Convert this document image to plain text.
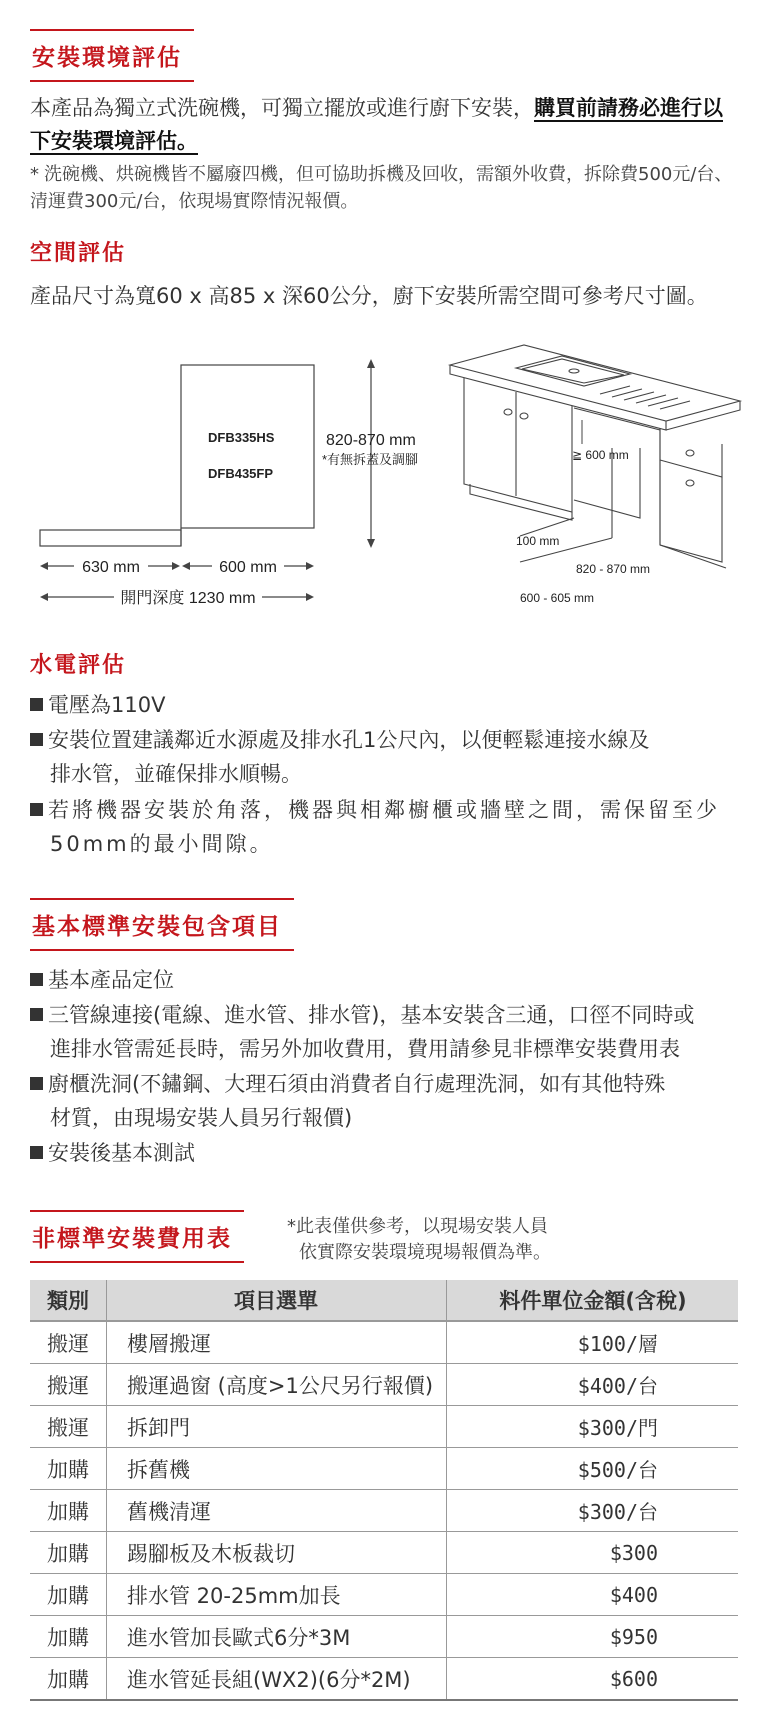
安裝環境評估
本產品為獨立式洗碗機，可獨立擺放或進行廚下安裝，購買前請務必進行以下安裝環境評估。
* 洗碗機、烘碗機皆不屬廢四機，但可協助拆機及回收，需額外收費，拆除費500元/台、清運費300元/台，依現場實際情況報價。
空間評估
產品尺寸為寬60 x 高85 x 深60公分，廚下安裝所需空間可參考尺寸圖。
DFB335HS
DFB435FP
820-870 mm
*有無拆蓋及調腳
630 mm	600 mm
開門深度 1230 mm
≧ 600 mm
100 mm
820 - 870 mm
600 - 605 mm
水電評估
電壓為110V
安裝位置建議鄰近水源處及排水孔1公尺內，以便輕鬆連接水線及
排水管，並確保排水順暢。
若將機器安裝於角落，機器與相鄰櫥櫃或牆壁之間，需保留至少
50mm的最小間隙。
基本標準安裝包含項目
基本產品定位
三管線連接(電線、進水管、排水管)，基本安裝含三通，口徑不同時或
進排水管需延長時，需另外加收費用，費用請參見非標準安裝費用表
廚櫃洗洞(不鏽鋼、大理石須由消費者自行處理洗洞，如有其他特殊
材質，由現場安裝人員另行報價)
安裝後基本測試
非標準安裝費用表	*此表僅供參考，以現場安裝人員
依實際安裝環境現場報價為準。
類別	項目選單	料件單位金額(含稅)
搬運	樓層搬運	$100/層
搬運	搬運過窗 (高度>1公尺另行報價)	$400/台
搬運	拆卸門	$300/門
加購	拆舊機	$500/台
加購	舊機清運	$300/台
加購	踢腳板及木板裁切	$300
加購	排水管 20-25mm加長	$400
加購	進水管加長歐式6分*3M	$950
加購	進水管延長組(WX2)(6分*2M)	$600
